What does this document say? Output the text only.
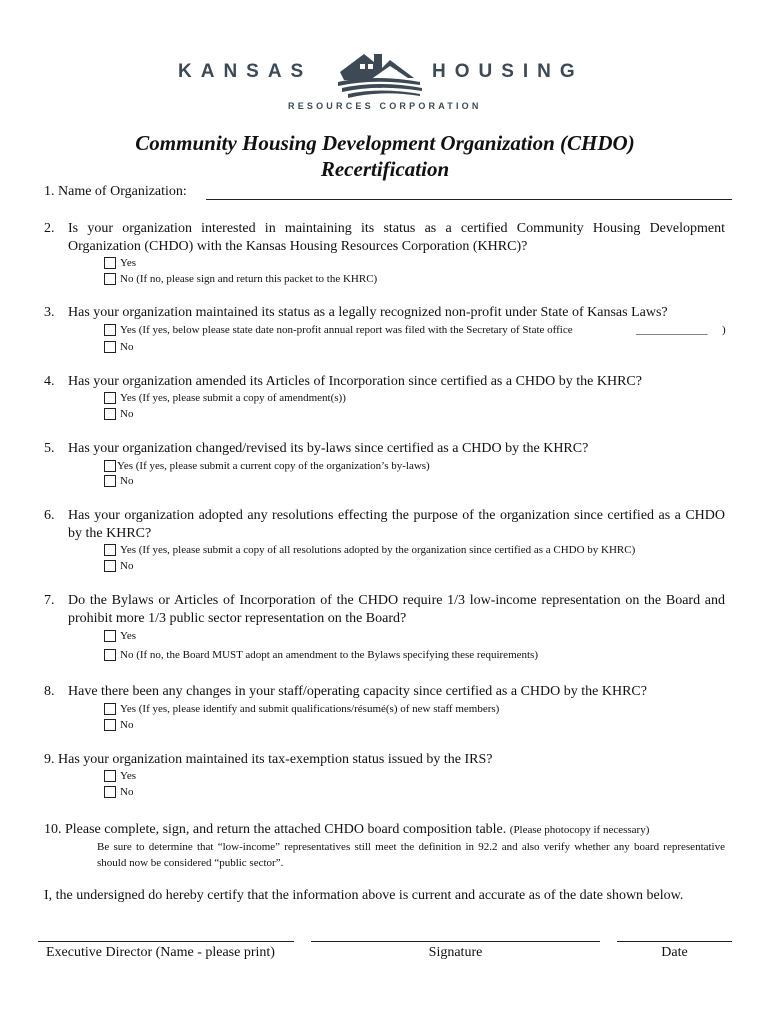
KANSAS	HOUSING
RESOURCES CORPORATION
Community Housing Development Organization (CHDO)
Recertification
1. Name of Organization:
2. Is your organization interested in maintaining its status as a certified Community Housing Development Organization (CHDO) with the Kansas Housing Resources Corporation (KHRC)?
Yes
No (If no, please sign and return this packet to the KHRC)
3. Has your organization maintained its status as a legally recognized non-profit under State of Kansas Laws?
Yes (If yes, below please state date non-profit annual report was filed with the Secretary of State office	_____________ )
No
4. Has your organization amended its Articles of Incorporation since certified as a CHDO by the KHRC?
Yes (If yes, please submit a copy of amendment(s))
No
5. Has your organization changed/revised its by-laws since certified as a CHDO by the KHRC?
Yes (If yes, please submit a current copy of the organization’s by-laws)
No
6. Has your organization adopted any resolutions effecting the purpose of the organization since certified as a CHDO by the KHRC?
Yes (If yes, please submit a copy of all resolutions adopted by the organization since certified as a CHDO by KHRC)
No
7. Do the Bylaws or Articles of Incorporation of the CHDO require 1/3 low-income representation on the Board and prohibit more 1/3 public sector representation on the Board?
Yes
No (If no, the Board MUST adopt an amendment to the Bylaws specifying these requirements)
8. Have there been any changes in your staff/operating capacity since certified as a CHDO by the KHRC?
Yes (If yes, please identify and submit qualifications/résumé(s) of new staff members)
No
9. Has your organization maintained its tax-exemption status issued by the IRS?
Yes
No
10. Please complete, sign, and return the attached CHDO board composition table. (Please photocopy if necessary)
Be sure to determine that “low-income” representatives still meet the definition in 92.2 and also verify whether any board representative should now be considered “public sector”.
I, the undersigned do hereby certify that the information above is current and accurate as of the date shown below.
Executive Director (Name - please print)	Signature	Date
